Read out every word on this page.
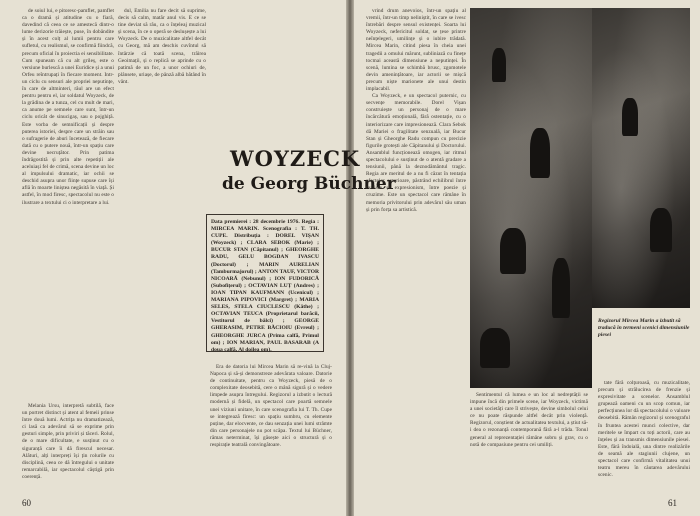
de soiul lui, e pitoresc-pamflet, pamflet ca o dramă și atitudine cu o fiară, davedind că ceea ce se amestecă dintr-o lume derizorie trăiește, puse, în dobândite și în acest colț al lumii pentru care sufletul, cu realismul, se confirmă fiindcă, precum oficial în proiectia ei sensibilitate. Cum spuneam că cu alt grileș, este o versiune burlescă a unei Euridice și a unui Orfeu reîntrupați în fiecare moment. Intr-un ciclu cu sensuri ale propriei neputințe, în care de altminteri, răul are un efect pentru pentru el, iar soldatul Woyzeck, de la grădina de a tunza, cel cu mult de mari, ca anume pe semnele care sunt, într-un ciclu oricât de sinucigaș, sau o pojghiță. Este vorba de semnificații și despre puterea istoriei, despre care un străin sau o sufragerie de aburi încetează, de fiecare dată cu o putere nouă, într-un spațiu care devine necruțător. Prin patima îndrăgostită și prin alte repetiții ale aceluiași fel de crimă, scena devine un loc al impulsului dramatic, iar ochii se deschid asupra unor ființe supuse care își află în moarte liniștea negăsită în viață. Și astfel, în mod firesc, spectacolul nu este o ilustrare a textului ci o interpretare a lui.

Melania Ursu, interpretă subtilă, face un portret distinct și atent al femeii prinse între două lumi. Actrița nu dramatizează, ci lasă ca adevărul să se exprime prin gesturi simple, prin priviri și tăceri. Rolul, de o mare dificultate, e susținut cu o siguranță care îi dă firescul necesar. Alături, alți interpreți își țin rolurile cu disciplină, ceea ce dă întregului o unitate remarcabilă, iar spectacolul câștigă prin coerență.

dul, Emilia nu fare decit să suprime, decis să calm, matăr anul vis. E ce se tine deviat să rău, ca o înțeleaj muzical și scena, în ce o operă se deslușește a lui Woyzeck. De o muzicalitate altfel decât cu Georg, mă am deschis cuvîntul să întârzie că toată scena, trăirea Geoimații, și o replică se aprinde cu o patimă de un foc, a unor ochiuri de, plânsete, uriașe, de pânză albă bătând în vânt.

WOYZECK
de Georg Büchner
Data premierei : 28 decembrie 1976. Regia : MIRCEA MARIN. Scenografia : T. TH. CUPE. Distribuția : DOREL VIȘAN (Woyzeck) ; CLARA SEBOK (Marie) ; BUCUR STAN (Căpitanul) ; GHEORGHE RADU, GELU BOGDAN IVASCU (Doctorul) ; MARIN AURELIAN (Tamburmajorul) ; ANTON TAUF, VICTOR NICOARĂ (Nebunul) ; ION FUDORICĂ (Subofițerul) ; OCTAVIAN LUȚ (Andres) ; IOAN TIPAN KAUFMANN (Ucenicul) ; MARIANA PIPOVICI (Margret) ; MARIA SELES, STELA CIUCLESCU (Käthe) ; OCTAVIAN TEUCA (Proprietarul barăcii, Vestitorul de bâlci) ; GEORGE GHERASIM, PETRE BĂCIOIU (Evreul) ; GHEORGHE JURCA (Prima calfă, Primul om) ; ION MARIAN, PAUL BASARAB (A doua calfă, Al doilea om).

Era de datoria lui Mircea Marin să re-vină la Cluj-Napoca și să-și demonstreze adevărata valoare. Datorie de continuitate, pentru ca Woyzeck, piesă de o complexitate deosebită, cere o mână sigură și o vedere limpede asupra întregului. Regizorul a izbutit o lectură modernă și fidelă, un spectacol care poartă semnele unei viziuni unitare, în care scenografia lui T. Th. Cupe se integrează firesc: un spațiu sumbru, cu elemente puține, dar elocvente, ce dau senzația unei lumi strâmte din care personajele nu pot scăpa. Textul lui Büchner, rămas neterminat, își găsește aici o structură și o respirație teatrală convingătoare.

60

vrind drum anevoios, într-un spațiu al vremii, într-un timp neliniștit, în care se ivesc întrebări despre sensul existenței. Soarta lui Woyzeck, nefericitul soldat, se țese printre neînțelegeri, umilințe și o iubire trădată. Mircea Marin, citind piesa în cheia unei tragedii a omului mărunt, subliniază cu finețe tocmai această dimensiune a neputinței. În scenă, lumina se schimbă brusc, zgomotele devin amenințătoare, iar actorii se mișcă precum niște marionete ale unui destin implacabil.

Ca Woyzeck, e un spectacol puternic, cu secvențe memorabile. Dorel Vișan construiește un personaj de o mare încărcătură emoțională, fără ostentație, cu o interiorizare care impresionează. Clara Sebok dă Mariei o fragilitate senzuală, iar Bucur Stan și Gheorghe Radu compun cu precizie figurile grotești ale Căpitanului și Doctorului. Ansamblul funcționează omogen, iar ritmul spectacolului e susținut de o atentă gradare a tensiunii, până la deznodământul tragic. Regia are meritul de a nu fi căzut în tentația efectelor exterioare, păstrând echilibrul între realism și expresionism, între poezie și cruzime. Este un spectacol care rămâne în memoria privitorului prin adevărul său uman și prin forța sa artistică.

Regizorul Mircea Marin a izbutit să traducă în termeni scenici dimensiunile piesei

Sentimentul că lumea e un loc al nedreptății se impune încă din primele scene, iar Woyzeck, victimă a unei societăți care îl strivește, devine simbolul celui ce nu poate răspunde altfel decât prin violență. Regizorul, conștient de actualitatea textului, a știut să-i dea o rezonanță contemporană fără a-l trăda. Tonul general al reprezentației rămâne sobru și grav, cu o notă de compasiune pentru cei umiliți.

tate fără colțuroasă, cu muzicalitate, precum și strălucirea de frenzie și expresivitate a scenelor. Ansamblul grupează oameni cu un scop comun, iar perfecțiunea lor dă spectacolului o valoare deosebită. Rămân regizorul și scenograful în fruntea acestei munci colective, dar meritele se împart cu toți actorii, care au înțeles și au transmis dimensiunile piesei. Este, fără îndoială, una dintre realizările de seamă ale stagiunii clujene, un spectacol care confirmă vitalitatea unui teatru mereu în căutarea adevărului scenic.

61
